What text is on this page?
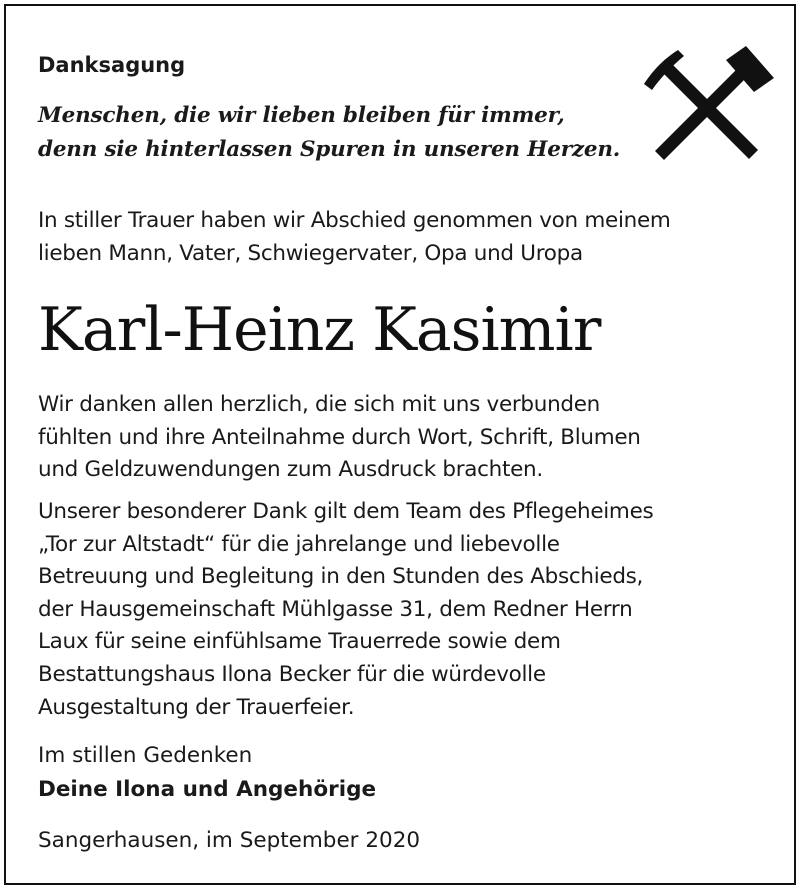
Danksagung
Menschen, die wir lieben bleiben für immer,
denn sie hinterlassen Spuren in unseren Herzen.
In stiller Trauer haben wir Abschied genommen von meinem
lieben Mann, Vater, Schwiegervater, Opa und Uropa
Karl-Heinz Kasimir
Wir danken allen herzlich, die sich mit uns verbunden
fühlten und ihre Anteilnahme durch Wort, Schrift, Blumen
und Geldzuwendungen zum Ausdruck brachten.
Unserer besonderer Dank gilt dem Team des Pflegeheimes
„Tor zur Altstadt“ für die jahrelange und liebevolle
Betreuung und Begleitung in den Stunden des Abschieds,
der Hausgemeinschaft Mühlgasse 31, dem Redner Herrn
Laux für seine einfühlsame Trauerrede sowie dem
Bestattungshaus Ilona Becker für die würdevolle
Ausgestaltung der Trauerfeier.
Im stillen Gedenken
Deine Ilona und Angehörige
Sangerhausen, im September 2020
